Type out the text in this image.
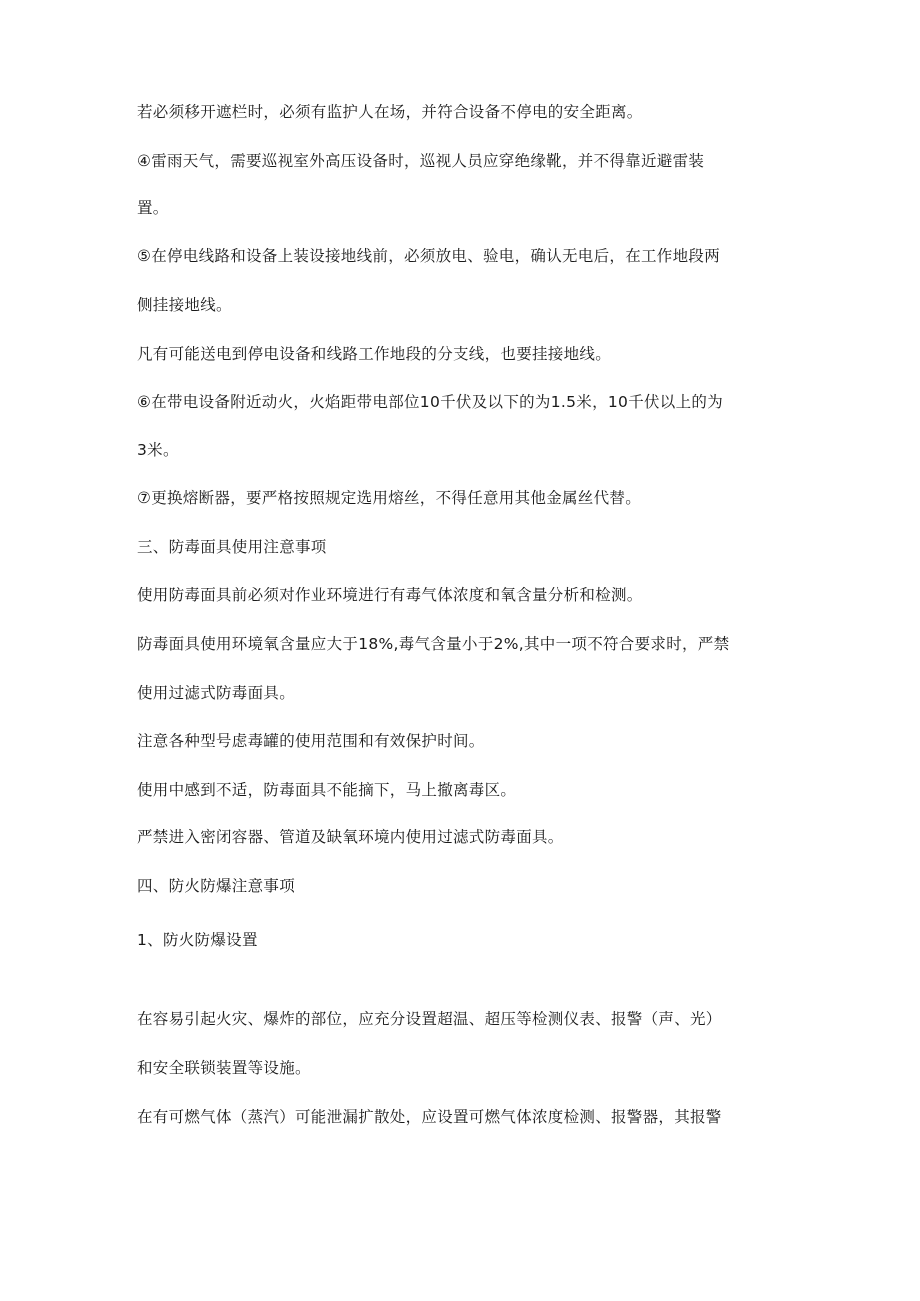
若必须移开遮栏时，必须有监护人在场，并符合设备不停电的安全距离。
④雷雨天气，需要巡视室外高压设备时，巡视人员应穿绝缘靴，并不得靠近避雷装
置。
⑤在停电线路和设备上装设接地线前，必须放电、验电，确认无电后，在工作地段两
侧挂接地线。
凡有可能送电到停电设备和线路工作地段的分支线，也要挂接地线。
⑥在带电设备附近动火，火焰距带电部位10千伏及以下的为1.5米，10千伏以上的为
3米。
⑦更换熔断器，要严格按照规定选用熔丝，不得任意用其他金属丝代替。
三、防毒面具使用注意事项
使用防毒面具前必须对作业环境进行有毒气体浓度和氧含量分析和检测。
防毒面具使用环境氧含量应大于18%,毒气含量小于2%,其中一项不符合要求时，严禁
使用过滤式防毒面具。
注意各种型号虑毒罐的使用范围和有效保护时间。
使用中感到不适，防毒面具不能摘下，马上撤离毒区。
严禁进入密闭容器、管道及缺氧环境内使用过滤式防毒面具。
四、防火防爆注意事项
1、防火防爆设置
在容易引起火灾、爆炸的部位，应充分设置超温、超压等检测仪表、报警（声、光）
和安全联锁装置等设施。
在有可燃气体（蒸汽）可能泄漏扩散处，应设置可燃气体浓度检测、报警器，其报警
